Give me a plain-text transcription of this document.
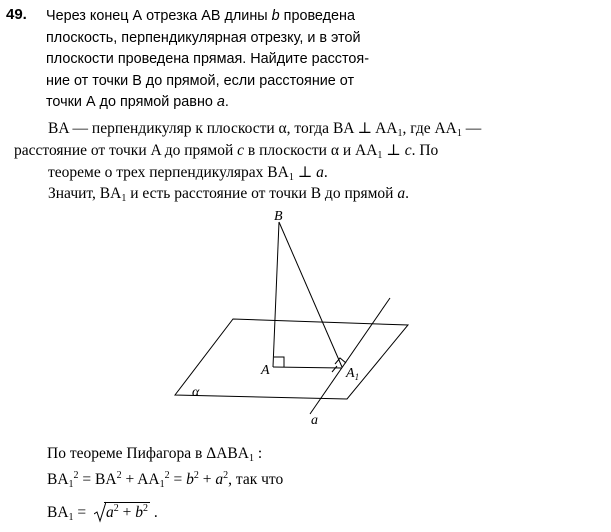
49. Через конец А отрезка АВ длины b проведена
плоскость, перпендикулярная отрезку, и в этой
плоскости проведена прямая. Найдите расстоя-
ние от точки В до прямой, если расстояние от
точки А до прямой равно a.
BA — перпендикуляр к плоскости α, тогда BA ⊥ $AA_1$, где $AA_1$ —
расстояние от точки A до прямой c в плоскости α и $AA_1$ ⊥ c. По
теореме о трех перпендикулярах $BA_1$ ⊥ a.
Значит, $BA_1$ и есть расстояние от точки B до прямой a.
B
A	$A_1$
α
a
По теореме Пифагора в $\Delta ABA_1$ :
$BA_1^2 = BA^2 + AA_1^2 = b^2 + a^2$, так что
$BA_1$ =
$a^2 + b^2$ .
